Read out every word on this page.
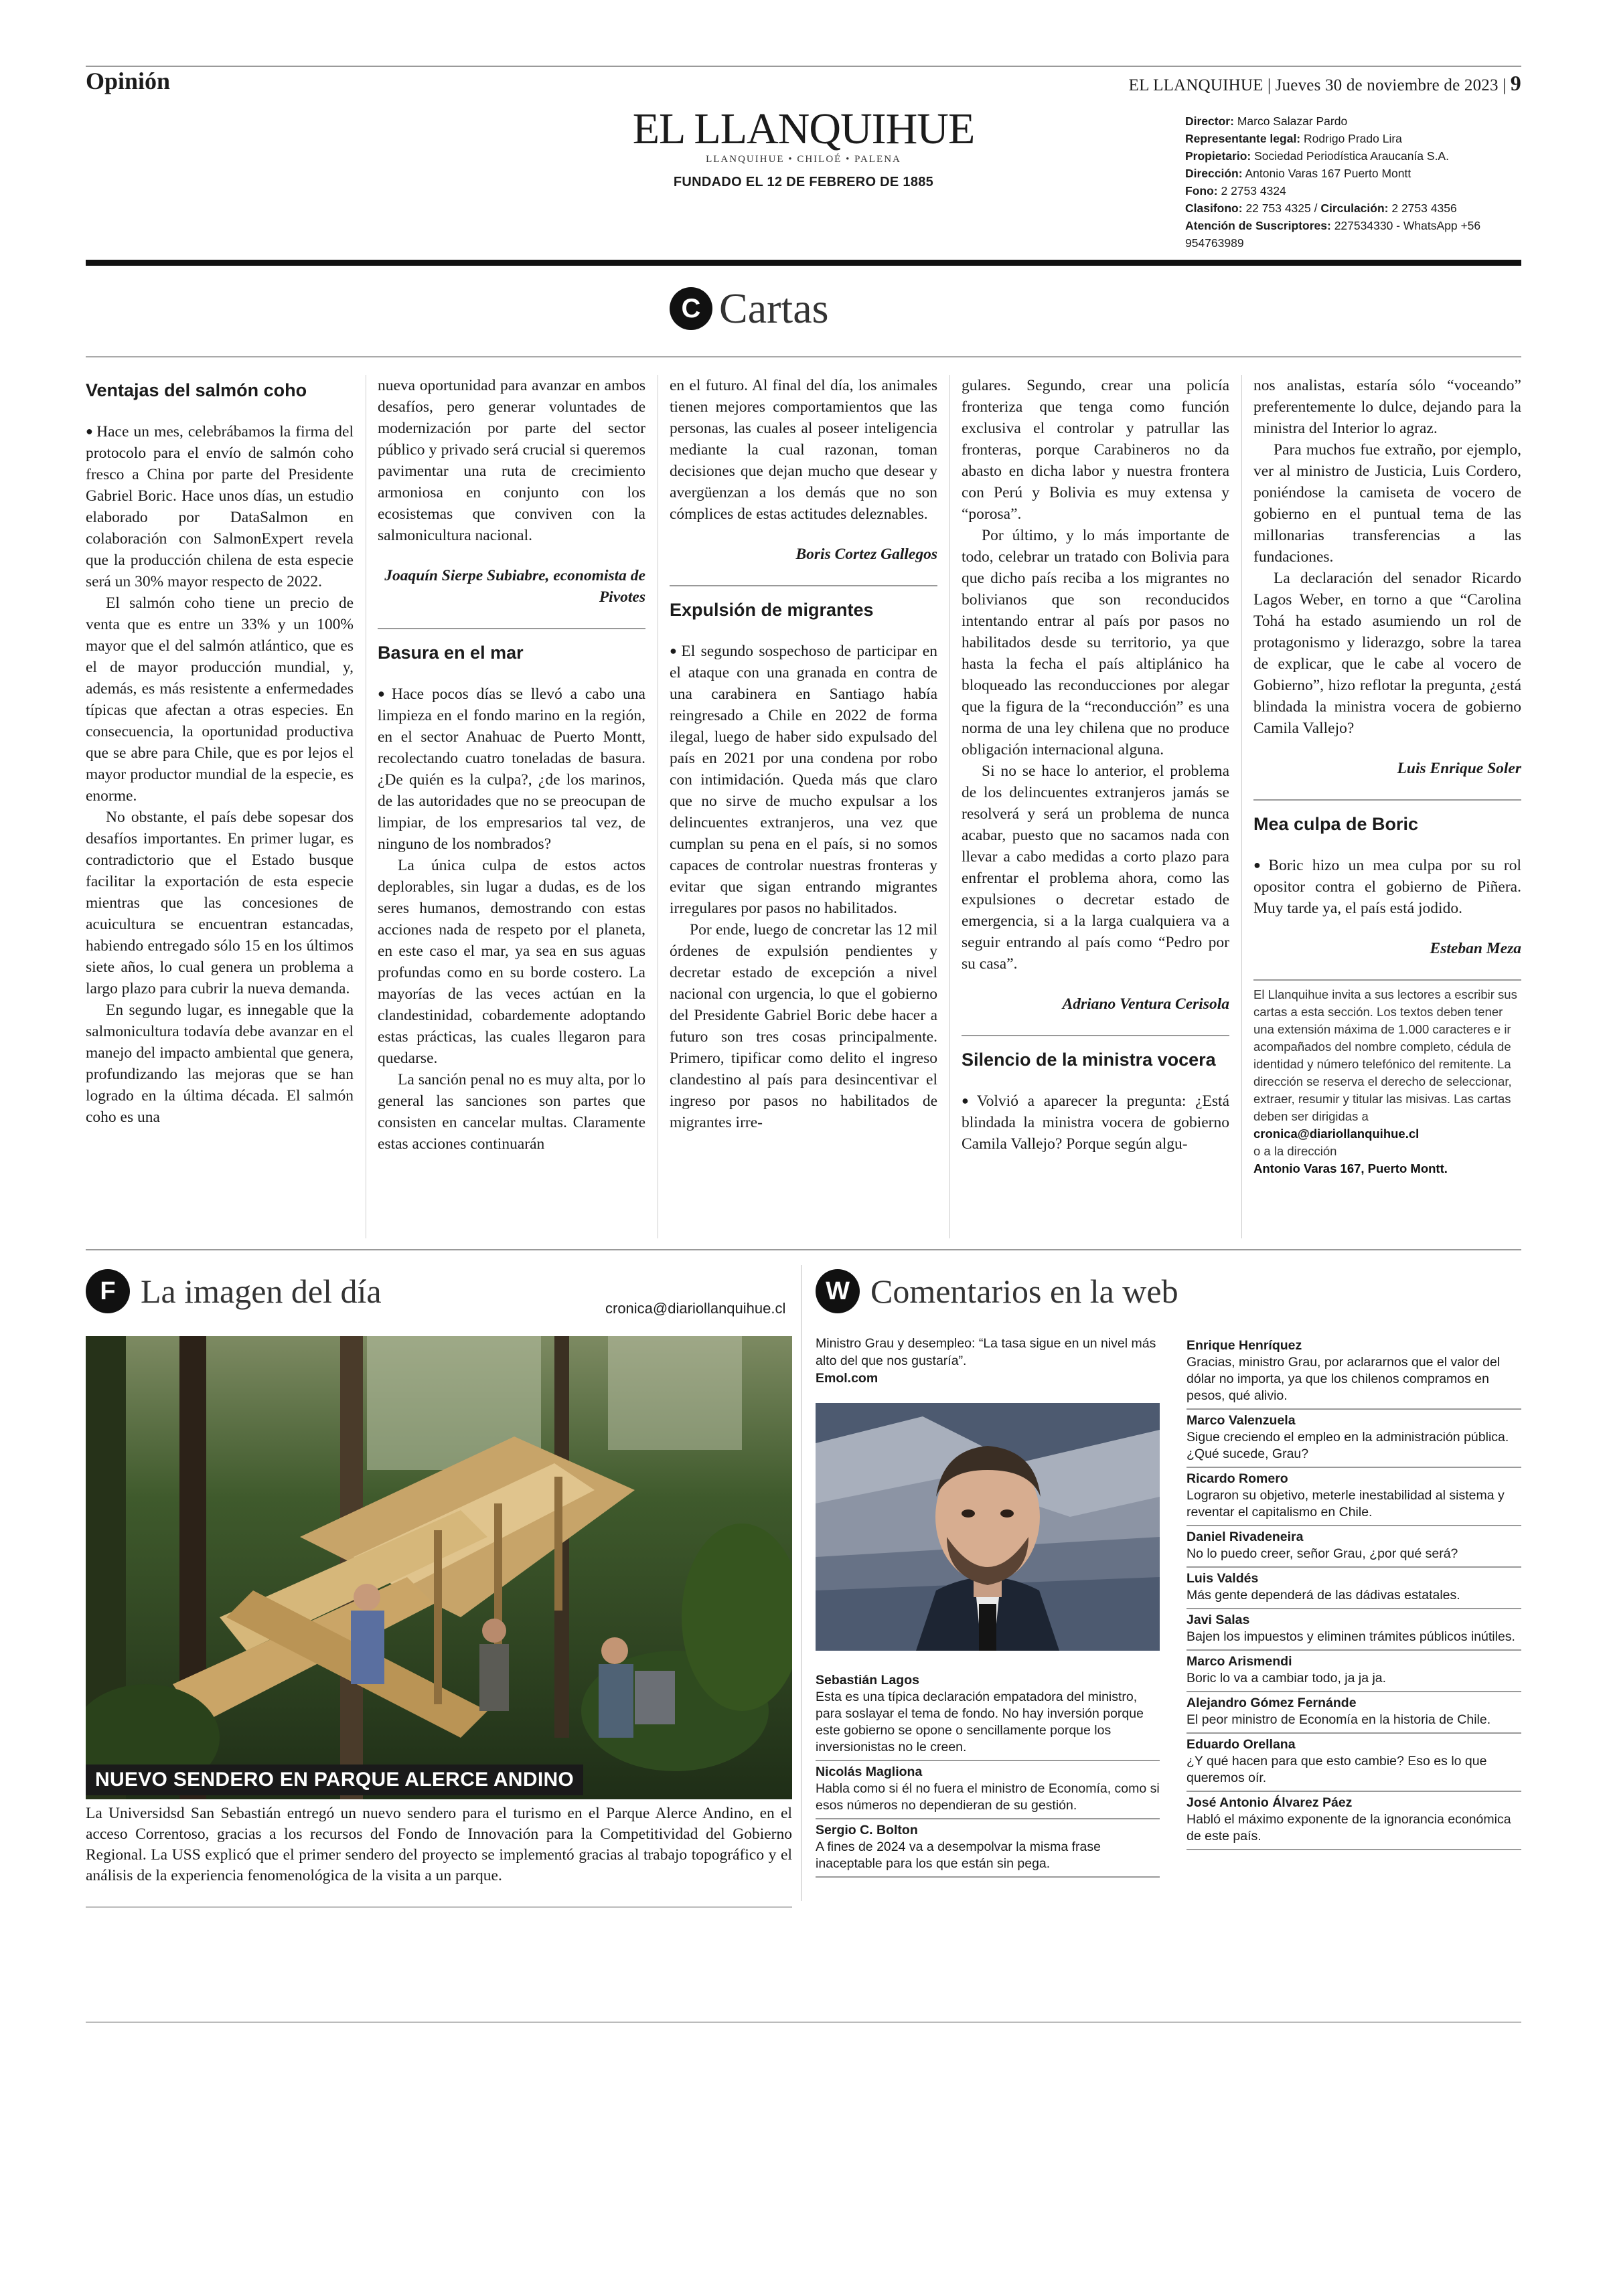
Opinión	EL LLANQUIHUE | Jueves 30 de noviembre de 2023 | 9
EL LLANQUIHUE
LLANQUIHUE • CHILOÉ • PALENA
FUNDADO EL 12 DE FEBRERO DE 1885
Director: Marco Salazar Pardo
Representante legal: Rodrigo Prado Lira
Propietario: Sociedad Periodística Araucanía S.A.
Dirección: Antonio Varas 167 Puerto Montt
Fono: 2 2753 4324
Clasifono: 22 753 4325 / Circulación: 2 2753 4356
Atención de Suscriptores: 227534330 - WhatsApp +56 954763989
C Cartas
Ventajas del salmón coho

● Hace un mes, celebrábamos la firma del protocolo para el envío de salmón coho fresco a China por parte del Presidente Gabriel Boric. Hace unos días, un estudio elaborado por DataSalmon en colaboración con SalmonExpert revela que la producción chilena de esta especie será un 30% mayor respecto de 2022.

El salmón coho tiene un precio de venta que es entre un 33% y un 100% mayor que el del salmón atlántico, que es el de mayor producción mundial, y, además, es más resistente a enfermedades típicas que afectan a otras especies. En consecuencia, la oportunidad productiva que se abre para Chile, que es por lejos el mayor productor mundial de la especie, es enorme.

No obstante, el país debe sopesar dos desafíos importantes. En primer lugar, es contradictorio que el Estado busque facilitar la exportación de esta especie mientras que las concesiones de acuicultura se encuentran estancadas, habiendo entregado sólo 15 en los últimos siete años, lo cual genera un problema a largo plazo para cubrir la nueva demanda.

En segundo lugar, es innegable que la salmonicultura todavía debe avanzar en el manejo del impacto ambiental que genera, profundizando las mejoras que se han logrado en la última década. El salmón coho es una

nueva oportunidad para avanzar en ambos desafíos, pero generar voluntades de modernización por parte del sector público y privado será crucial si queremos pavimentar una ruta de crecimiento armoniosa en conjunto con los ecosistemas que conviven con la salmonicultura nacional.

Joaquín Sierpe Subiabre, economista de Pivotes

Basura en el mar

● Hace pocos días se llevó a cabo una limpieza en el fondo marino en la región, en el sector Anahuac de Puerto Montt, recolectando cuatro toneladas de basura. ¿De quién es la culpa?, ¿de los marinos, de las autoridades que no se preocupan de limpiar, de los empresarios tal vez, de ninguno de los nombrados?

La única culpa de estos actos deplorables, sin lugar a dudas, es de los seres humanos, demostrando con estas acciones nada de respeto por el planeta, en este caso el mar, ya sea en sus aguas profundas como en su borde costero. La mayorías de las veces actúan en la clandestinidad, cobardemente adoptando estas prácticas, las cuales llegaron para quedarse.

La sanción penal no es muy alta, por lo general las sanciones son partes que consisten en cancelar multas. Claramente estas acciones continuarán

en el futuro. Al final del día, los animales tienen mejores comportamientos que las personas, las cuales al poseer inteligencia mediante la cual razonan, toman decisiones que dejan mucho que desear y avergüenzan a los demás que no son cómplices de estas actitudes deleznables.

Boris Cortez Gallegos

Expulsión de migrantes

● El segundo sospechoso de participar en el ataque con una granada en contra de una carabinera en Santiago había reingresado a Chile en 2022 de forma ilegal, luego de haber sido expulsado del país en 2021 por una condena por robo con intimidación. Queda más que claro que no sirve de mucho expulsar a los delincuentes extranjeros, una vez que cumplan su pena en el país, si no somos capaces de controlar nuestras fronteras y evitar que sigan entrando migrantes irregulares por pasos no habilitados.

Por ende, luego de concretar las 12 mil órdenes de expulsión pendientes y decretar estado de excepción a nivel nacional con urgencia, lo que el gobierno del Presidente Gabriel Boric debe hacer a futuro son tres cosas principalmente. Primero, tipificar como delito el ingreso clandestino al país para desincentivar el ingreso por pasos no habilitados de migrantes irre-

gulares. Segundo, crear una policía fronteriza que tenga como función exclusiva el controlar y patrullar las fronteras, porque Carabineros no da abasto en dicha labor y nuestra frontera con Perú y Bolivia es muy extensa y “porosa”.

Por último, y lo más importante de todo, celebrar un tratado con Bolivia para que dicho país reciba a los migrantes no bolivianos que son reconducidos intentando entrar al país por pasos no habilitados desde su territorio, ya que hasta la fecha el país altiplánico ha bloqueado las reconducciones por alegar que la figura de la “reconducción” es una norma de una ley chilena que no produce obligación internacional alguna.

Si no se hace lo anterior, el problema de los delincuentes extranjeros jamás se resolverá y será un problema de nunca acabar, puesto que no sacamos nada con llevar a cabo medidas a corto plazo para enfrentar el problema ahora, como las expulsiones o decretar estado de emergencia, si a la larga cualquiera va a seguir entrando al país como “Pedro por su casa”.

Adriano Ventura Cerisola

Silencio de la ministra vocera

● Volvió a aparecer la pregunta: ¿Está blindada la ministra vocera de gobierno Camila Vallejo? Porque según algu-

nos analistas, estaría sólo “voceando” preferentemente lo dulce, dejando para la ministra del Interior lo agraz.

Para muchos fue extraño, por ejemplo, ver al ministro de Justicia, Luis Cordero, poniéndose la camiseta de vocero de gobierno en el puntual tema de las millonarias transferencias a las fundaciones.

La declaración del senador Ricardo Lagos Weber, en torno a que “Carolina Tohá ha estado asumiendo un rol de protagonismo y liderazgo, sobre la tarea de explicar, que le cabe al vocero de Gobierno”, hizo reflotar la pregunta, ¿está blindada la ministra vocera de gobierno Camila Vallejo?

Luis Enrique Soler

Mea culpa de Boric

● Boric hizo un mea culpa por su rol opositor contra el gobierno de Piñera. Muy tarde ya, el país está jodido.

Esteban Meza

El Llanquihue invita a sus lectores a escribir sus cartas a esta sección. Los textos deben tener una extensión máxima de 1.000 caracteres e ir acompañados del nombre completo, cédula de identidad y número telefónico del remitente. La dirección se reserva el derecho de seleccionar, extraer, resumir y titular las misivas. Las cartas deben ser dirigidas a
cronica@diariollanquihue.cl
o a la dirección
Antonio Varas 167, Puerto Montt.
F La imagen del día	cronica@diariollanquihue.cl
NUEVO SENDERO EN PARQUE ALERCE ANDINO
La Universidsd San Sebastián entregó un nuevo sendero para el turismo en el Parque Alerce Andino, en el acceso Correntoso, gracias a los recursos del Fondo de Innovación para la Competitividad del Gobierno Regional. La USS explicó que el primer sendero del proyecto se implementó gracias al trabajo topográfico y el análisis de la experiencia fenomenológica de la visita a un parque.
W Comentarios en la web
Ministro Grau y desempleo: “La tasa sigue en un nivel más alto del que nos gustaría”.
Emol.com
Sebastián Lagos
Esta es una típica declaración empatadora del ministro, para soslayar el tema de fondo. No hay inversión porque este gobierno se opone o sencillamente porque los inversionistas no le creen.
Nicolás Magliona
Habla como si él no fuera el ministro de Economía, como si esos números no dependieran de su gestión.
Sergio C. Bolton
A fines de 2024 va a desempolvar la misma frase inaceptable para los que están sin pega.
Enrique Henríquez
Gracias, ministro Grau, por aclararnos que el valor del dólar no importa, ya que los chilenos compramos en pesos, qué alivio.
Marco Valenzuela
Sigue creciendo el empleo en la administración pública. ¿Qué sucede, Grau?
Ricardo Romero
Lograron su objetivo, meterle inestabilidad al sistema y reventar el capitalismo en Chile.
Daniel Rivadeneira
No lo puedo creer, señor Grau, ¿por qué será?
Luis Valdés
Más gente dependerá de las dádivas estatales.
Javi Salas
Bajen los impuestos y eliminen trámites públicos inútiles.
Marco Arismendi
Boric lo va a cambiar todo, ja ja ja.
Alejandro Gómez Fernánde
El peor ministro de Economía en la historia de Chile.
Eduardo Orellana
¿Y qué hacen para que esto cambie? Eso es lo que queremos oír.
José Antonio Álvarez Páez
Habló el máximo exponente de la ignorancia económica de este país.
